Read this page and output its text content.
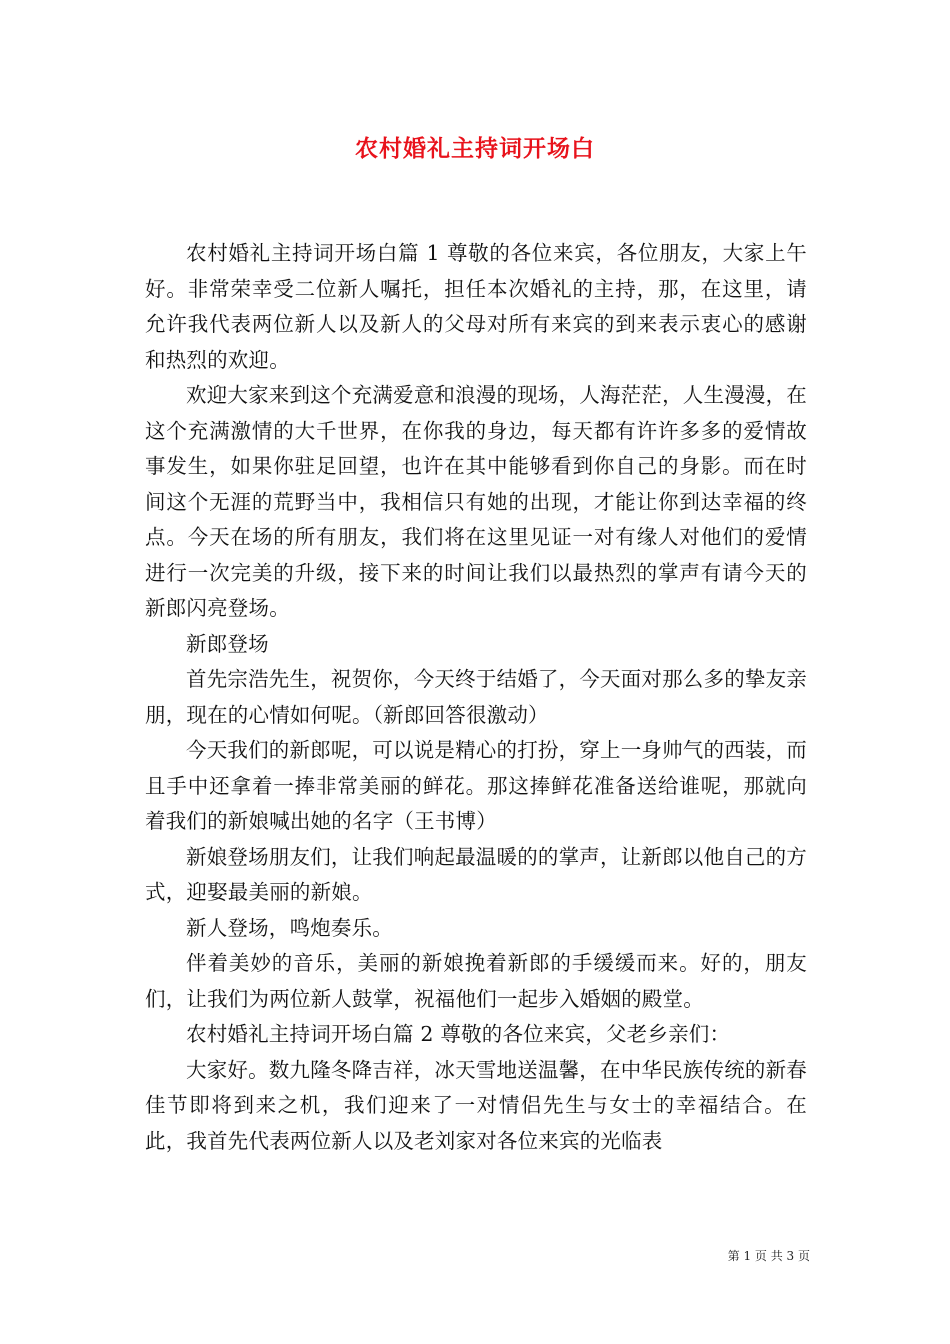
农村婚礼主持词开场白

农村婚礼主持词开场白篇 1 尊敬的各位来宾，各位朋友，大家上午好。非常荣幸受二位新人嘱托，担任本次婚礼的主持，那，在这里，请允许我代表两位新人以及新人的父母对所有来宾的到来表示衷心的感谢和热烈的欢迎。

欢迎大家来到这个充满爱意和浪漫的现场，人海茫茫，人生漫漫，在这个充满激情的大千世界，在你我的身边，每天都有许许多多的爱情故事发生，如果你驻足回望，也许在其中能够看到你自己的身影。而在时间这个无涯的荒野当中，我相信只有她的出现，才能让你到达幸福的终点。今天在场的所有朋友，我们将在这里见证一对有缘人对他们的爱情进行一次完美的升级，接下来的时间让我们以最热烈的掌声有请今天的新郎闪亮登场。

新郎登场

首先宗浩先生，祝贺你，今天终于结婚了，今天面对那么多的挚友亲朋，现在的心情如何呢。（新郎回答很激动）

今天我们的新郎呢，可以说是精心的打扮，穿上一身帅气的西装，而且手中还拿着一捧非常美丽的鲜花。那这捧鲜花准备送给谁呢，那就向着我们的新娘喊出她的名字（王书博）

新娘登场朋友们，让我们响起最温暖的的掌声，让新郎以他自己的方式，迎娶最美丽的新娘。

新人登场，鸣炮奏乐。

伴着美妙的音乐，美丽的新娘挽着新郎的手缓缓而来。好的，朋友们，让我们为两位新人鼓掌，祝福他们一起步入婚姻的殿堂。

农村婚礼主持词开场白篇 2 尊敬的各位来宾，父老乡亲们：

大家好。数九隆冬降吉祥，冰天雪地送温馨，在中华民族传统的新春佳节即将到来之机，我们迎来了一对情侣先生与女士的幸福结合。在此，我首先代表两位新人以及老刘家对各位来宾的光临表

第 1 页 共 3 页
